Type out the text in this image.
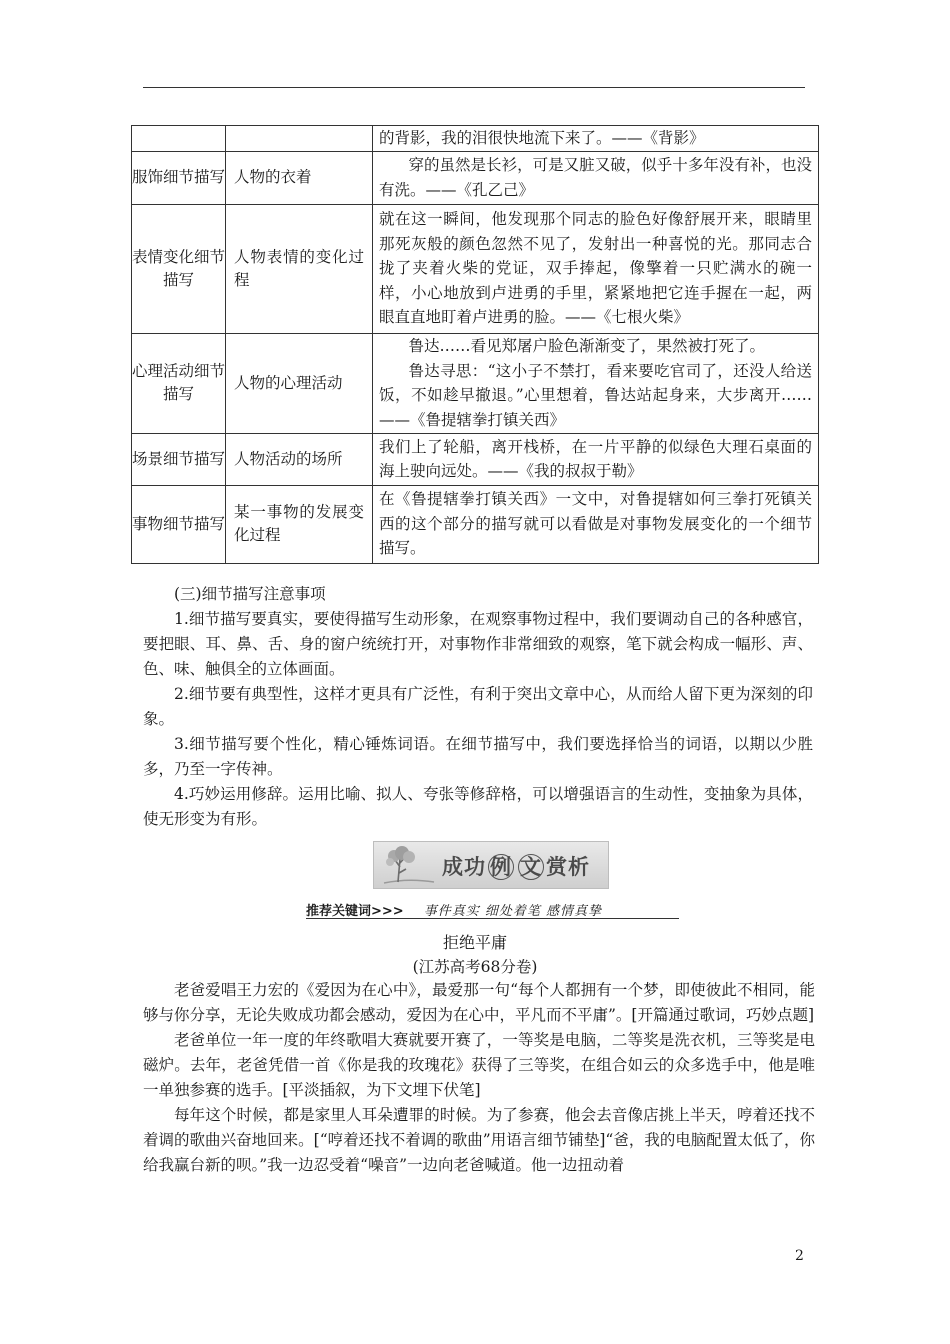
		的背影，我的泪很快地流下来了。——《背影》

服饰细节描写	人物的衣着	穿的虽然是长衫，可是又脏又破，似乎十多年没有补，也没有洗。——《孔乙己》

表情变化细节描写	人物表情的变化过程	就在这一瞬间，他发现那个同志的脸色好像舒展开来，眼睛里那死灰般的颜色忽然不见了，发射出一种喜悦的光。那同志合拢了夹着火柴的党证，双手捧起，像擎着一只贮满水的碗一样，小心地放到卢进勇的手里，紧紧地把它连手握在一起，两眼直直地盯着卢进勇的脸。——《七根火柴》

心理活动细节描写	人物的心理活动	鲁达……看见郑屠户脸色渐渐变了，果然被打死了。
鲁达寻思：“这小子不禁打，看来要吃官司了，还没人给送饭，不如趁早撤退。”心里想着，鲁达站起身来，大步离开……——《鲁提辖拳打镇关西》

场景细节描写	人物活动的场所	我们上了轮船，离开栈桥，在一片平静的似绿色大理石桌面的海上驶向远处。——《我的叔叔于勒》

事物细节描写	某一事物的发展变化过程	在《鲁提辖拳打镇关西》一文中，对鲁提辖如何三拳打死镇关西的这个部分的描写就可以看做是对事物发展变化的一个细节描写。

(三)细节描写注意事项

1.细节描写要真实，要使得描写生动形象，在观察事物过程中，我们要调动自己的各种感官，要把眼、耳、鼻、舌、身的窗户统统打开，对事物作非常细致的观察，笔下就会构成一幅形、声、色、味、触俱全的立体画面。

2.细节要有典型性，这样才更具有广泛性，有利于突出文章中心，从而给人留下更为深刻的印象。

3.细节描写要个性化，精心锤炼词语。在细节描写中，我们要选择恰当的词语，以期以少胜多，乃至一字传神。

4.巧妙运用修辞。运用比喻、拟人、夸张等修辞格，可以增强语言的生动性，变抽象为具体，使无形变为有形。

成功 例 文 赏析
推荐关键词>>> 事件真实 细处着笔 感情真挚
拒绝平庸
(江苏高考68分卷)

老爸爱唱王力宏的《爱因为在心中》，最爱那一句“每个人都拥有一个梦，即使彼此不相同，能够与你分享，无论失败成功都会感动，爱因为在心中，平凡而不平庸”。[开篇通过歌词，巧妙点题]

老爸单位一年一度的年终歌唱大赛就要开赛了，一等奖是电脑，二等奖是洗衣机，三等奖是电磁炉。去年，老爸凭借一首《你是我的玫瑰花》获得了三等奖，在组合如云的众多选手中，他是唯一单独参赛的选手。[平淡插叙，为下文埋下伏笔]

每年这个时候，都是家里人耳朵遭罪的时候。为了参赛，他会去音像店挑上半天，哼着还找不着调的歌曲兴奋地回来。[“哼着还找不着调的歌曲”用语言细节铺垫]“爸，我的电脑配置太低了，你给我赢台新的呗。”我一边忍受着“噪音”一边向老爸喊道。他一边扭动着

2
